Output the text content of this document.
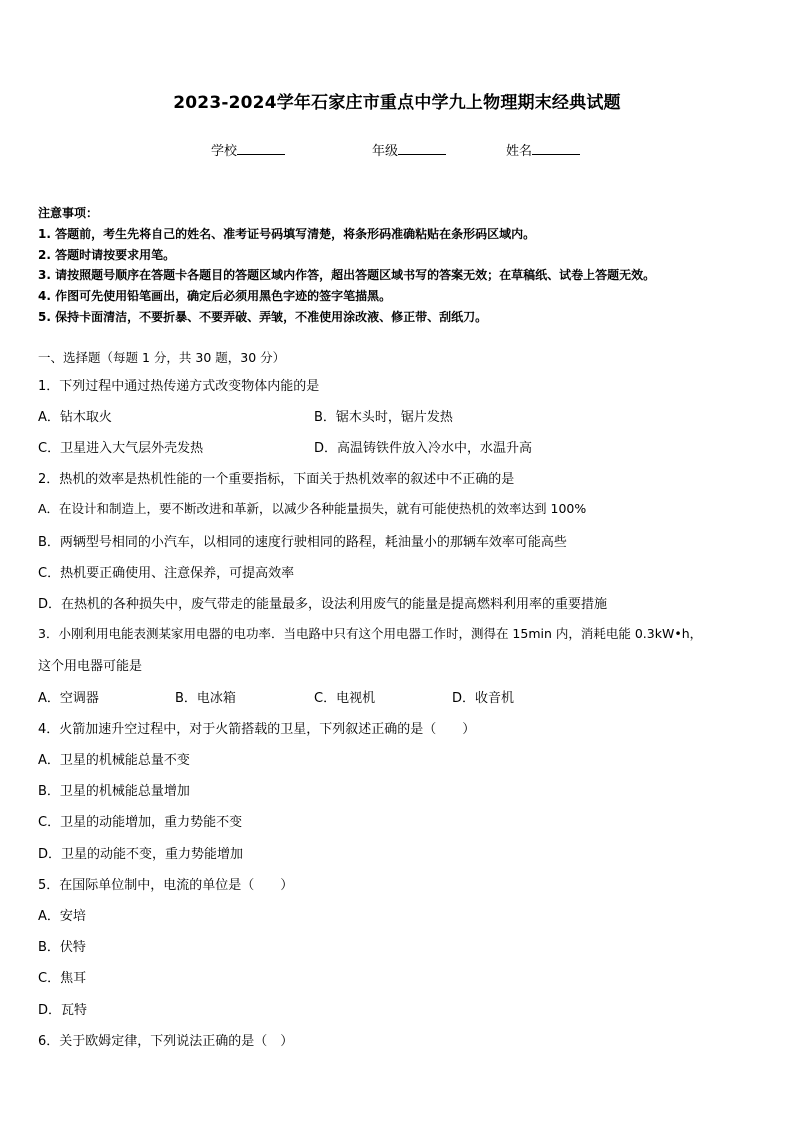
2023-2024学年石家庄市重点中学九上物理期末经典试题
学校	年级	姓名
注意事项：
1. 答题前，考生先将自己的姓名、准考证号码填写清楚，将条形码准确粘贴在条形码区域内。
2. 答题时请按要求用笔。
3. 请按照题号顺序在答题卡各题目的答题区域内作答，超出答题区域书写的答案无效；在草稿纸、试卷上答题无效。
4. 作图可先使用铅笔画出，确定后必须用黑色字迹的签字笔描黑。
5. 保持卡面清洁，不要折暴、不要弄破、弄皱，不准使用涂改液、修正带、刮纸刀。
一、选择题（每题 1 分，共 30 题，30 分）
1．下列过程中通过热传递方式改变物体内能的是
A．钻木取火	B．锯木头时，锯片发热
C．卫星进入大气层外壳发热	D．高温铸铁件放入冷水中，水温升高
2．热机的效率是热机性能的一个重要指标，下面关于热机效率的叙述中不正确的是
A．在设计和制造上，要不断改进和革新，以减少各种能量损失，就有可能使热机的效率达到 100%
B．两辆型号相同的小汽车，以相同的速度行驶相同的路程，耗油量小的那辆车效率可能高些
C．热机要正确使用、注意保养，可提高效率
D．在热机的各种损失中，废气带走的能量最多，设法利用废气的能量是提高燃料利用率的重要措施
3．小刚利用电能表测某家用电器的电功率．当电路中只有这个用电器工作时，测得在 15min 内，消耗电能 0.3kW•h，
这个用电器可能是
A．空调器	B．电冰箱	C．电视机	D．收音机
4．火箭加速升空过程中，对于火箭搭载的卫星，下列叙述正确的是（　　）
A．卫星的机械能总量不变
B．卫星的机械能总量增加
C．卫星的动能增加，重力势能不变
D．卫星的动能不变，重力势能增加
5．在国际单位制中，电流的单位是（　　）
A．安培
B．伏特
C．焦耳
D．瓦特
6．关于欧姆定律，下列说法正确的是（　）
